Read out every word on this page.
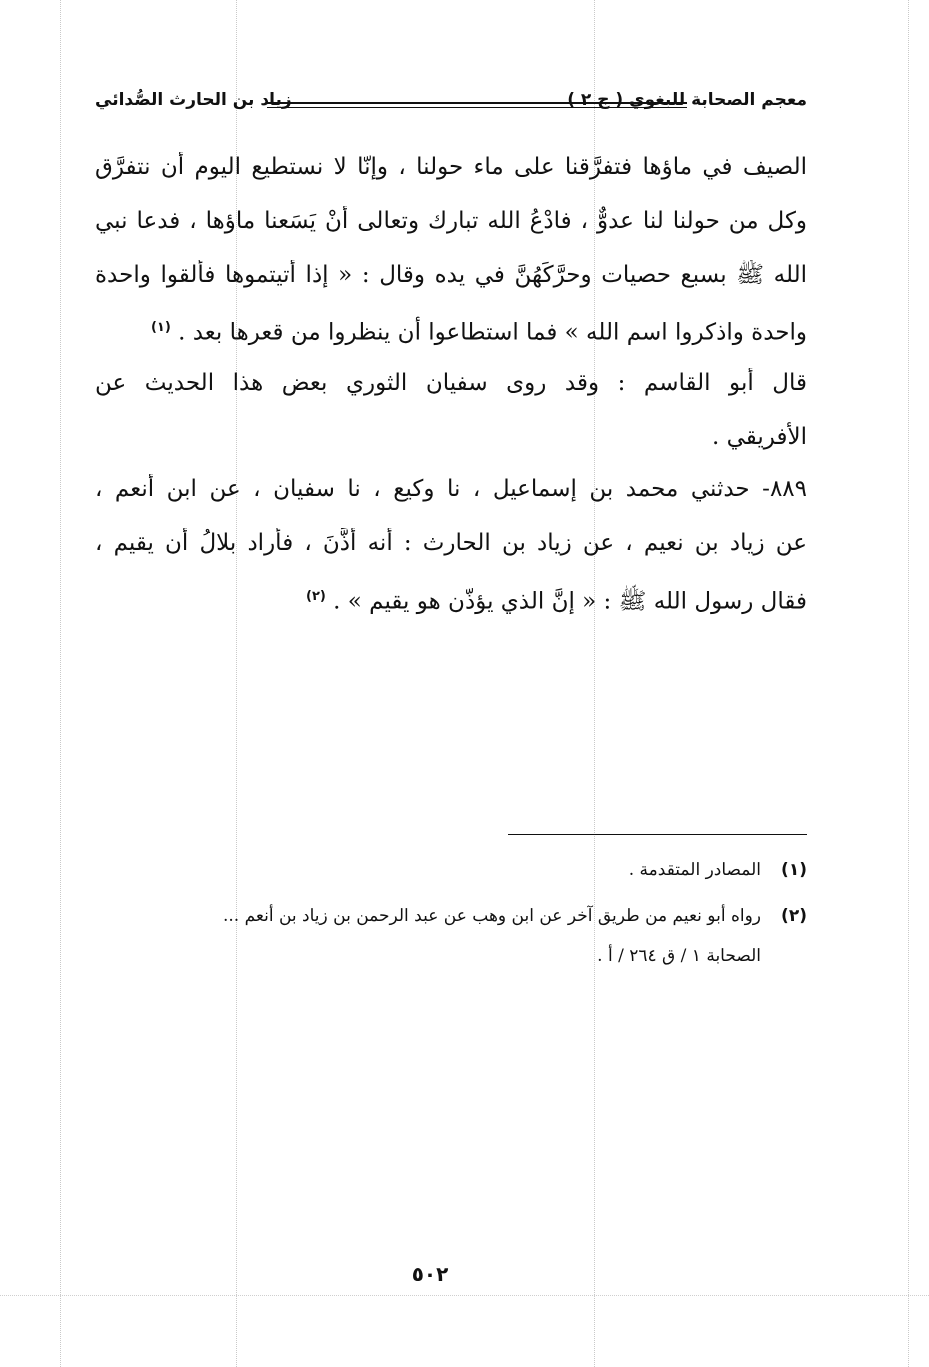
معجم الصحابة للبغوي ( ج ٢ )
زياد بن الحارث الصُّدائي
الصيف في ماؤها فتفرَّقنا على ماء حولنا ، وإنّا لا نستطيع اليوم أن نتفرَّق
وكل من حولنا لنا عدوٌّ ، فادْعُ الله تبارك وتعالى أنْ يَسَعنا ماؤها ، فدعا نبي
الله ﷺ بسبع حصيات وحرَّكَهُنَّ في يده وقال : « إذا أتيتموها فألقوا واحدة
واحدة واذكروا اسم الله » فما استطاعوا أن ينظروا من قعرها بعد . $^{(١)}$
قال أبو القاسم : وقد روى سفيان الثوري بعض هذا الحديث عن
الأفريقي .
٨٨٩- حدثني محمد بن إسماعيل ، نا وكيع ، نا سفيان ، عن ابن أنعم ،
عن زياد بن نعيم ، عن زياد بن الحارث : أنه أذَّنَ ، فأراد بلالُ أن يقيم ،
فقال رسول الله ﷺ : « إنَّ الذي يؤذّن هو يقيم » . $^{(٢)}$
(١)المصادر المتقدمة .
(٢)رواه أبو نعيم من طريق آخر عن ابن وهب عن عبد الرحمن بن زياد بن أنعم ...
الصحابة ١ / ق ٢٦٤ / أ .
٥٠٢
